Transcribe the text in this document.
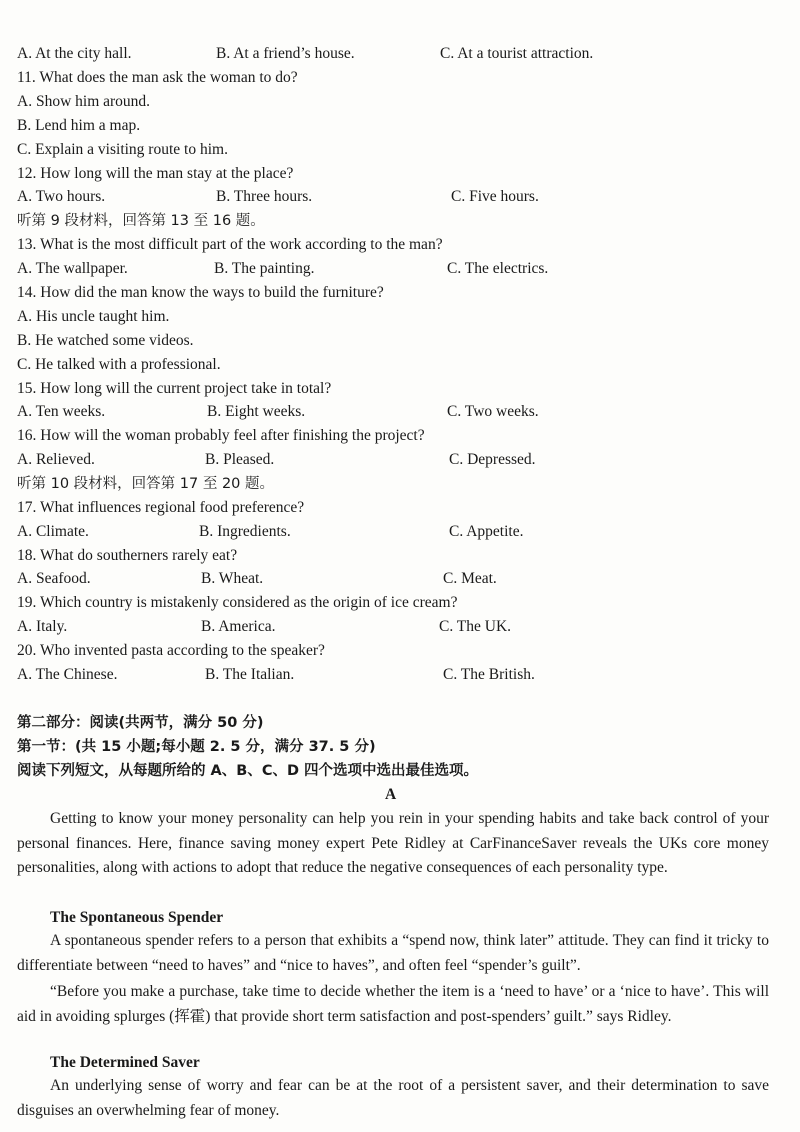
A. At the city hall.	B. At a friend’s house.	C. At a tourist attraction.
11. What does the man ask the woman to do?
A. Show him around.
B. Lend him a map.
C. Explain a visiting route to him.
12. How long will the man stay at the place?
A. Two hours.	B. Three hours.	C. Five hours.
听第 9 段材料，回答第 13 至 16 题。
13. What is the most difficult part of the work according to the man?
A. The wallpaper.	B. The painting.	C. The electrics.
14. How did the man know the ways to build the furniture?
A. His uncle taught him.
B. He watched some videos.
C. He talked with a professional.
15. How long will the current project take in total?
A. Ten weeks.	B. Eight weeks.	C. Two weeks.
16. How will the woman probably feel after finishing the project?
A. Relieved.	B. Pleased.	C. Depressed.
听第 10 段材料，回答第 17 至 20 题。
17. What influences regional food preference?
A. Climate.	B. Ingredients.	C. Appetite.
18. What do southerners rarely eat?
A. Seafood.	B. Wheat.	C. Meat.
19. Which country is mistakenly considered as the origin of ice cream?
A. Italy.	B. America.	C. The UK.
20. Who invented pasta according to the speaker?
A. The Chinese.	B. The Italian.	C. The British.
第二部分：阅读(共两节，满分 50 分)
第一节：(共 15 小题;每小题 2. 5 分，满分 37. 5 分)
阅读下列短文，从每题所给的 A、B、C、D 四个选项中选出最佳选项。
A
Getting to know your money personality can help you rein in your spending habits and take back control of your personal finances. Here, finance saving money expert Pete Ridley at CarFinanceSaver reveals the UKs core money personalities, along with actions to adopt that reduce the negative consequences of each personality type.
The Spontaneous Spender
A spontaneous spender refers to a person that exhibits a “spend now, think later” attitude. They can find it tricky to differentiate between “need to haves” and “nice to haves”, and often feel “spender’s guilt”.
“Before you make a purchase, take time to decide whether the item is a ‘need to have’ or a ‘nice to have’. This will aid in avoiding splurges (挥霍) that provide short term satisfaction and post-spenders’ guilt.” says Ridley.
The Determined Saver
An underlying sense of worry and fear can be at the root of a persistent saver, and their determination to save disguises an overwhelming fear of money.
